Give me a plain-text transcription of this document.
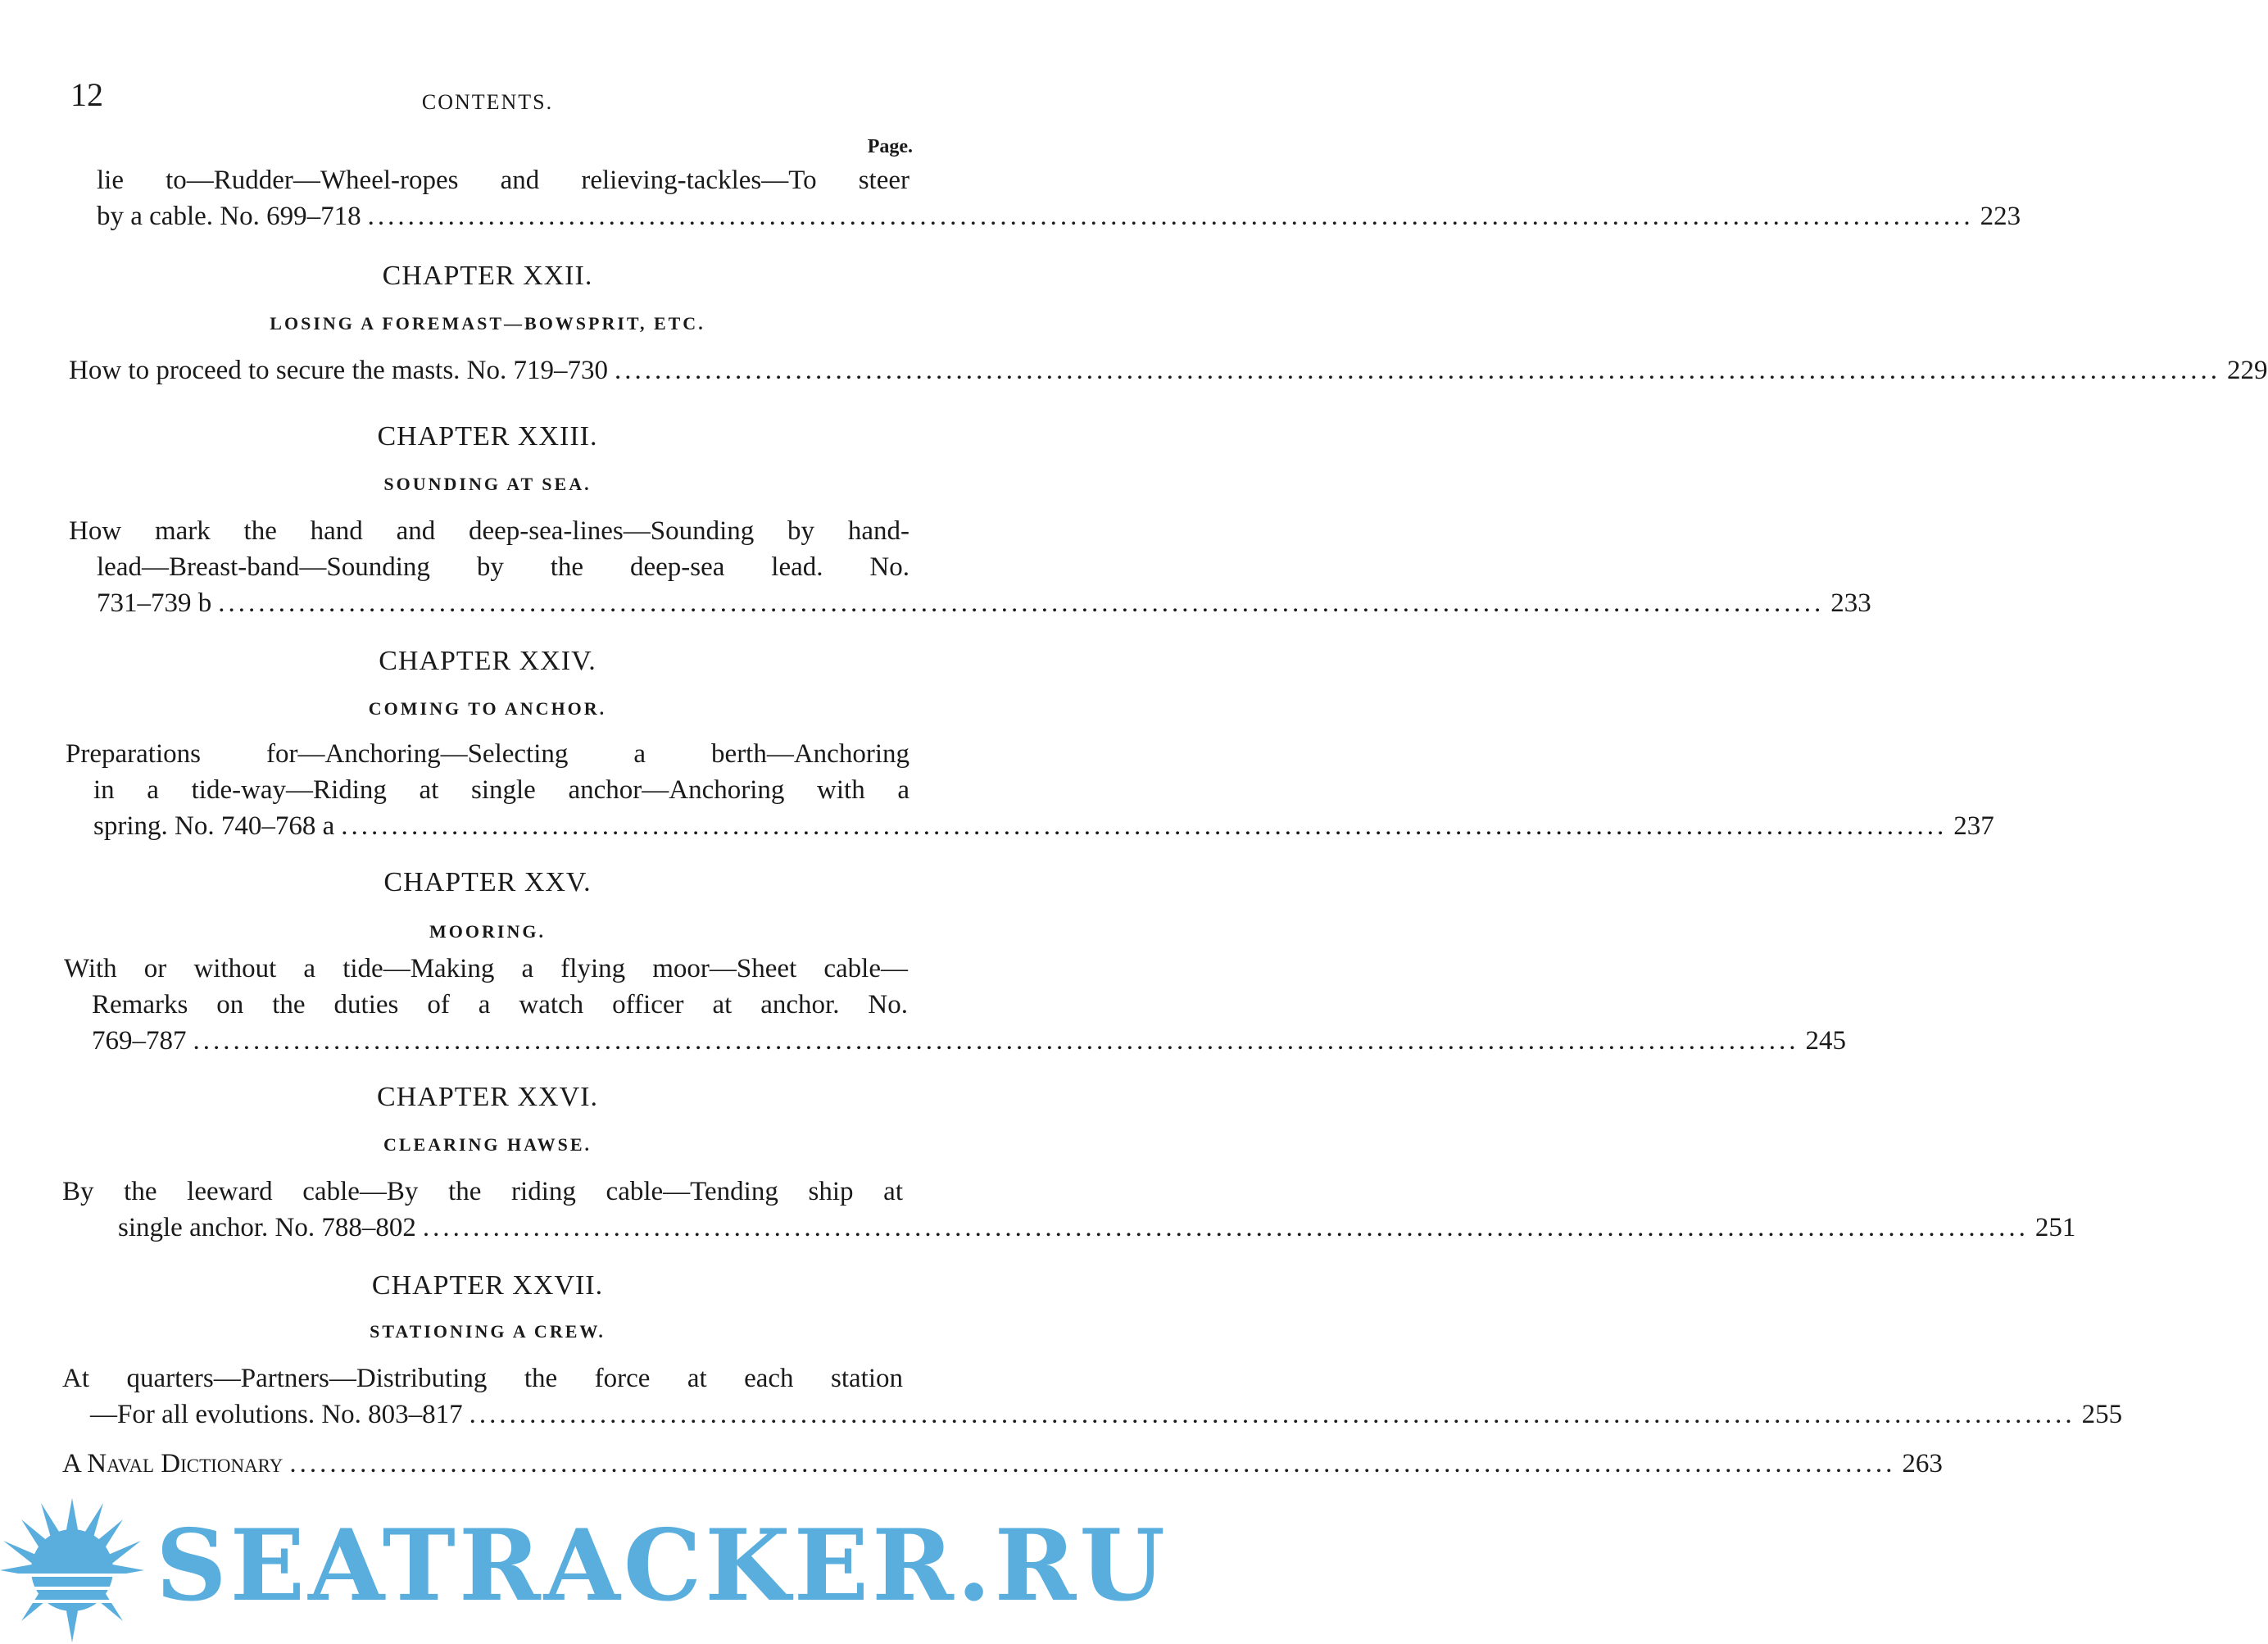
12	CONTENTS.
Page.
lie to—Rudder—Wheel-ropes and relieving-tackles—To steer
by a cable. No. 699–718 .....	223
CHAPTER XXII.
LOSING A FOREMAST—BOWSPRIT, ETC.
How to proceed to secure the masts. No. 719–730 .....	229
CHAPTER XXIII.
SOUNDING AT SEA.
How mark the hand and deep-sea-lines—Sounding by hand-
lead—Breast-band—Sounding by the deep-sea lead. No.
731–739 b .....	233
CHAPTER XXIV.
COMING TO ANCHOR.
Preparations for—Anchoring—Selecting a berth—Anchoring
in a tide-way—Riding at single anchor—Anchoring with a
spring. No. 740–768 a .....	237
CHAPTER XXV.
MOORING.
With or without a tide—Making a flying moor—Sheet cable—
Remarks on the duties of a watch officer at anchor. No.
769–787 .....	245
CHAPTER XXVI.
CLEARING HAWSE.
By the leeward cable—By the riding cable—Tending ship at
single anchor. No. 788–802 .....	251
CHAPTER XXVII.
STATIONING A CREW.
At quarters—Partners—Distributing the force at each station
—For all evolutions. No. 803–817 .....	255
A Naval Dictionary .....	263
SEATRACKER.RU
